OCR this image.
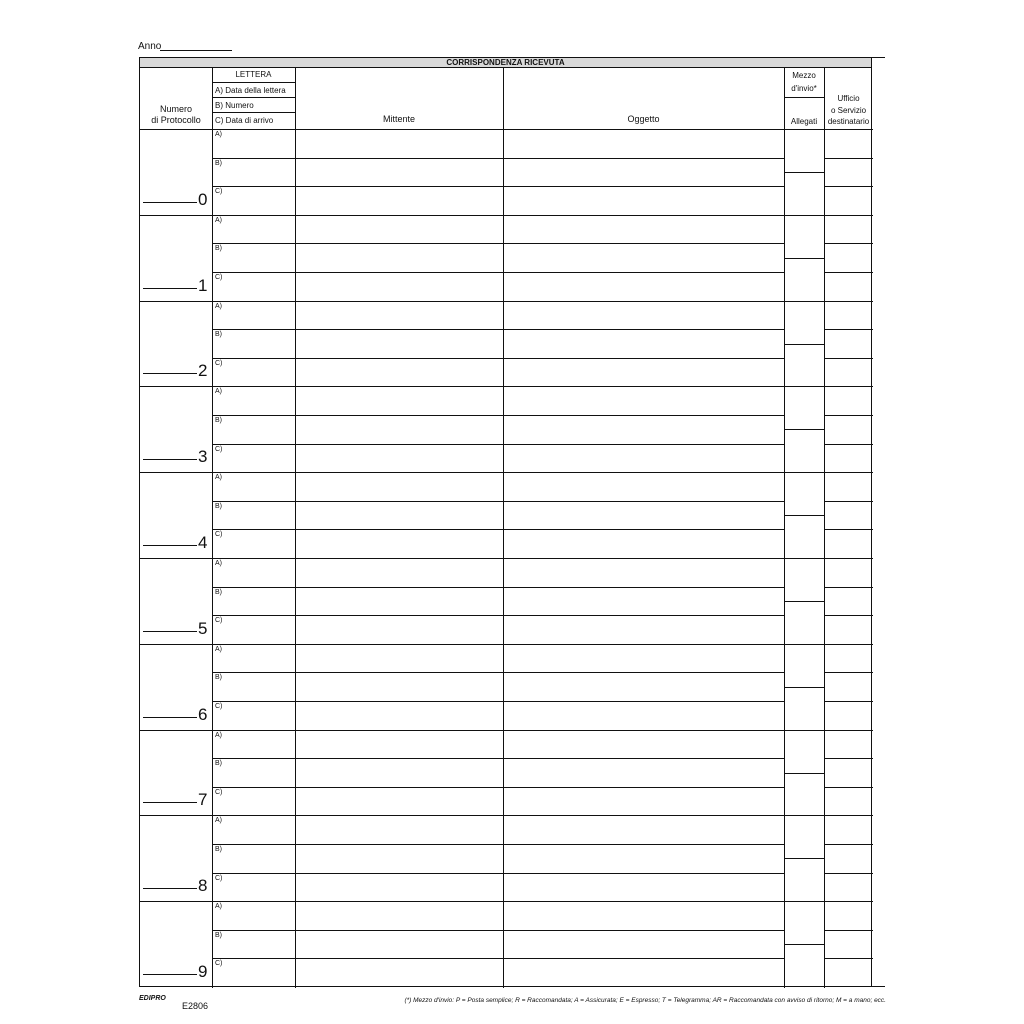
Anno
CORRISPONDENZA RICEVUTA
Numero
di Protocollo
LETTERA
A) Data della lettera
B) Numero
C) Data di arrivo	Mittente	Oggetto
Mezzo
d'invio*
Allegati
Ufficio
o Servizio
destinatario
A)
B)
C)
0
A)
B)
C)
1
A)
B)
C)
2
A)
B)
C)
3
A)
B)
C)
4
A)
B)
C)
5
A)
B)
C)
6
A)
B)
C)
7
A)
B)
C)
8
A)
B)
C)
9
EDIPRO
E2806
(*) Mezzo d'invio: P = Posta semplice; R = Raccomandata; A = Assicurata; E = Espresso; T = Telegramma; AR = Raccomandata con avviso di ritorno; M = a mano; ecc.
